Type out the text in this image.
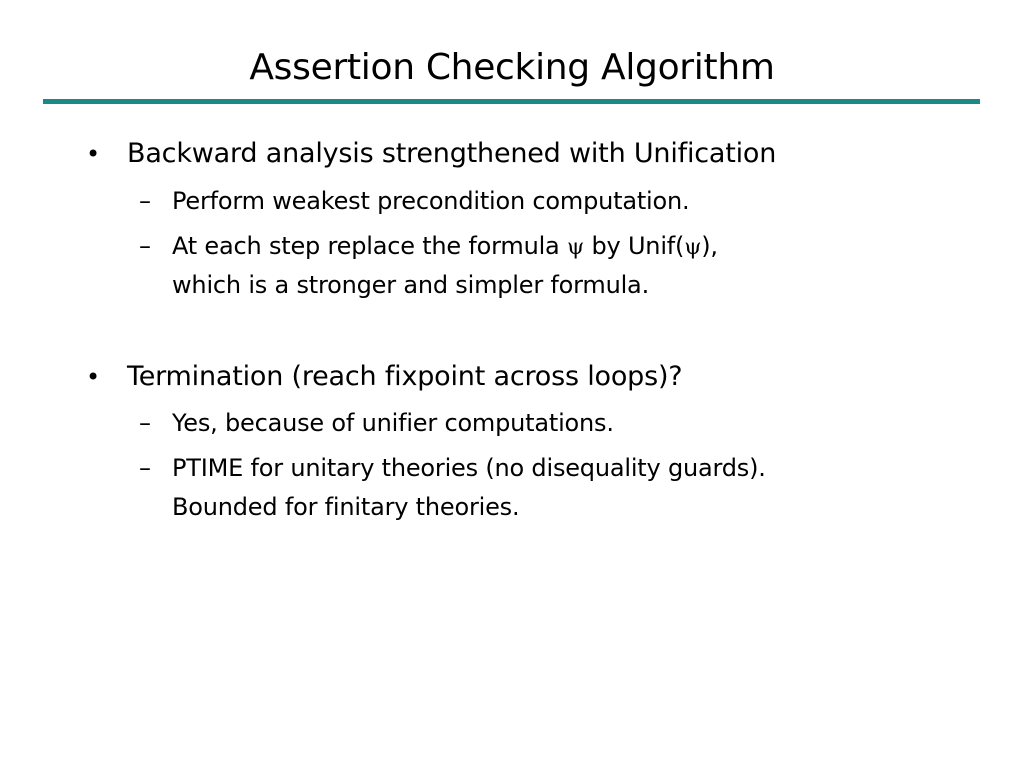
Assertion Checking Algorithm
• Backward analysis strengthened with Unification
– Perform weakest precondition computation.
– At each step replace the formula ψ by Unif(ψ),
which is a stronger and simpler formula.
• Termination (reach fixpoint across loops)?
– Yes, because of unifier computations.
– PTIME for unitary theories (no disequality guards).
Bounded for finitary theories.
